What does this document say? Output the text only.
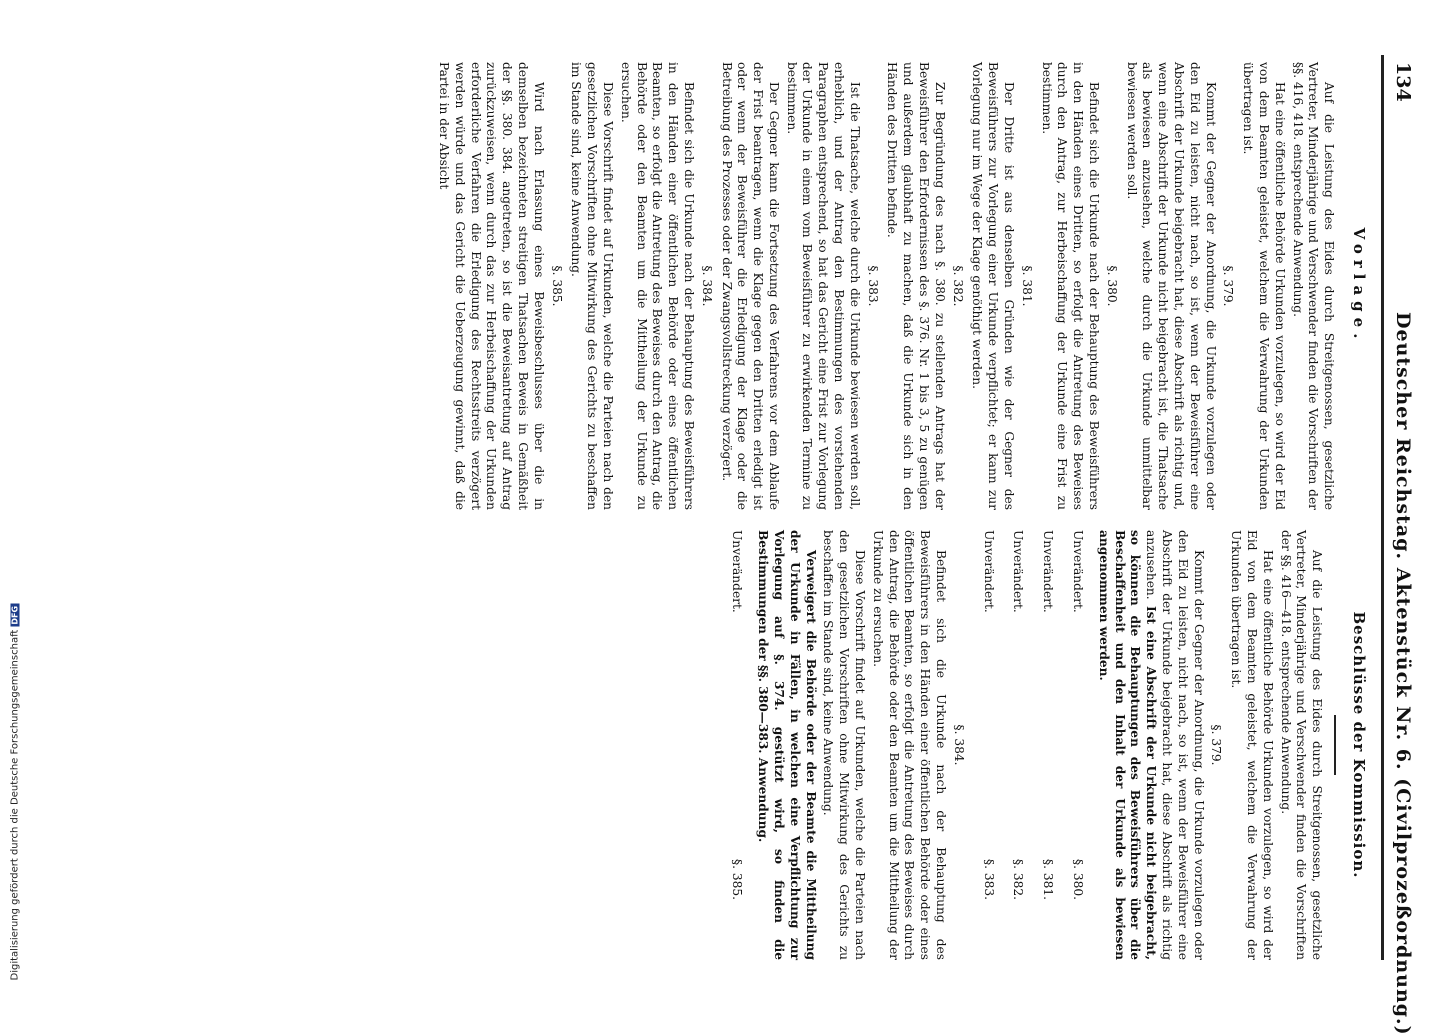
134
Deutscher Reichstag. Aktenstück Nr. 6. (Civilprozeßordnung.)
Vorlage.
Auf die Leistung des Eides durch Streitgenossen, gesetzliche Vertreter, Minderjährige und Verschwender finden die Vorschriften der §§. 416, 418. entsprechende Anwendung.
Hat eine öffentliche Behörde Urkunden vorzulegen, so wird der Eid von dem Beamten geleistet, welchem die Verwahrung der Urkunden übertragen ist.
§. 379.
Kommt der Gegner der Anordnung, die Urkunde vorzulegen oder den Eid zu leisten, nicht nach, so ist, wenn der Beweisführer eine Abschrift der Urkunde beigebracht hat, diese Abschrift als richtig und, wenn eine Abschrift der Urkunde nicht beigebracht ist, die Thatsache als bewiesen anzusehen, welche durch die Urkunde unmittelbar bewiesen werden soll.
§. 380.
Befindet sich die Urkunde nach der Behauptung des Beweisführers in den Händen eines Dritten, so erfolgt die Antretung des Beweises durch den Antrag, zur Herbeischaffung der Urkunde eine Frist zu bestimmen.
§. 381.
Der Dritte ist aus denselben Gründen wie der Gegner des Beweisführers zur Vorlegung einer Urkunde verpflichtet; er kann zur Vorlegung nur im Wege der Klage genöthigt werden.
§. 382.
Zur Begründung des nach §. 380. zu stellenden Antrags hat der Beweisführer den Erfordernissen des §. 376. Nr. 1 bis 3, 5 zu genügen und außerdem glaubhaft zu machen, daß die Urkunde sich in den Händen des Dritten befinde.
§. 383.
Ist die Thatsache, welche durch die Urkunde bewiesen werden soll, erheblich, und der Antrag den Bestimmungen des vorstehenden Paragraphen entsprechend, so hat das Gericht eine Frist zur Vorlegung der Urkunde in einem vom Beweisführer zu erwirkenden Termine zu bestimmen.
Der Gegner kann die Fortsetzung des Verfahrens vor dem Ablaufe der Frist beantragen, wenn die Klage gegen den Dritten erledigt ist oder wenn der Beweisführer die Erledigung der Klage oder die Betreibung des Prozesses oder der Zwangsvollstreckung verzögert.
§. 384.
Befindet sich die Urkunde nach der Behauptung des Beweisführers in den Händen einer öffentlichen Behörde oder eines öffentlichen Beamten, so erfolgt die Antretung des Beweises durch den Antrag, die Behörde oder den Beamten um die Mittheilung der Urkunde zu ersuchen.
Diese Vorschrift findet auf Urkunden, welche die Parteien nach den gesetzlichen Vorschriften ohne Mitwirkung des Gerichts zu beschaffen im Stande sind, keine Anwendung.
§. 385.
Wird nach Erlassung eines Beweisbeschlusses über die in demselben bezeichneten streitigen Thatsachen Beweis in Gemäßheit der §§. 380. 384. angetreten, so ist die Beweisantretung auf Antrag zurückzuweisen, wenn durch das zur Herbeischaffung der Urkunden erforderliche Verfahren die Erledigung des Rechtsstreits verzögert werden würde und das Gericht die Ueberzeugung gewinnt, daß die Partei in der Absicht
Beschlüsse der Kommission.
Auf die Leistung des Eides durch Streitgenossen, gesetzliche Vertreter, Minderjährige und Verschwender finden die Vorschriften der §§. 416—418. entsprechende Anwendung.
Hat eine öffentliche Behörde Urkunden vorzulegen, so wird der Eid von dem Beamten geleistet, welchem die Verwahrung der Urkunden übertragen ist.
§. 379.
Kommt der Gegner der Anordnung, die Urkunde vorzulegen oder den Eid zu leisten, nicht nach, so ist, wenn der Beweisführer eine Abschrift der Urkunde beigebracht hat, diese Abschrift als richtig anzusehen. Ist eine Abschrift der Urkunde nicht beigebracht, so können die Behauptungen des Beweisführers über die Beschaffenheit und den Inhalt der Urkunde als bewiesen angenommen werden.
Unverändert.
§. 380.
Unverändert.
§. 381.
Unverändert.
§. 382.
Unverändert.
§. 383.
§. 384.
Befindet sich die Urkunde nach der Behauptung des Beweisführers in den Händen einer öffentlichen Behörde oder eines öffentlichen Beamten, so erfolgt die Antretung des Beweises durch den Antrag, die Behörde oder den Beamten um die Mittheilung der Urkunde zu ersuchen.
Diese Vorschrift findet auf Urkunden, welche die Parteien nach den gesetzlichen Vorschriften ohne Mitwirkung des Gerichts zu beschaffen im Stande sind, keine Anwendung.
Verweigert die Behörde oder der Beamte die Mittheilung der Urkunde in Fällen, in welchen eine Verpflichtung zur Vorlegung auf §. 374. gestützt wird, so finden die Bestimmungen der §§. 380—383. Anwendung.
Unverändert.
§. 385.
Digitalisierung gefördert durch die Deutsche ForschungsgemeinschaftDFG
